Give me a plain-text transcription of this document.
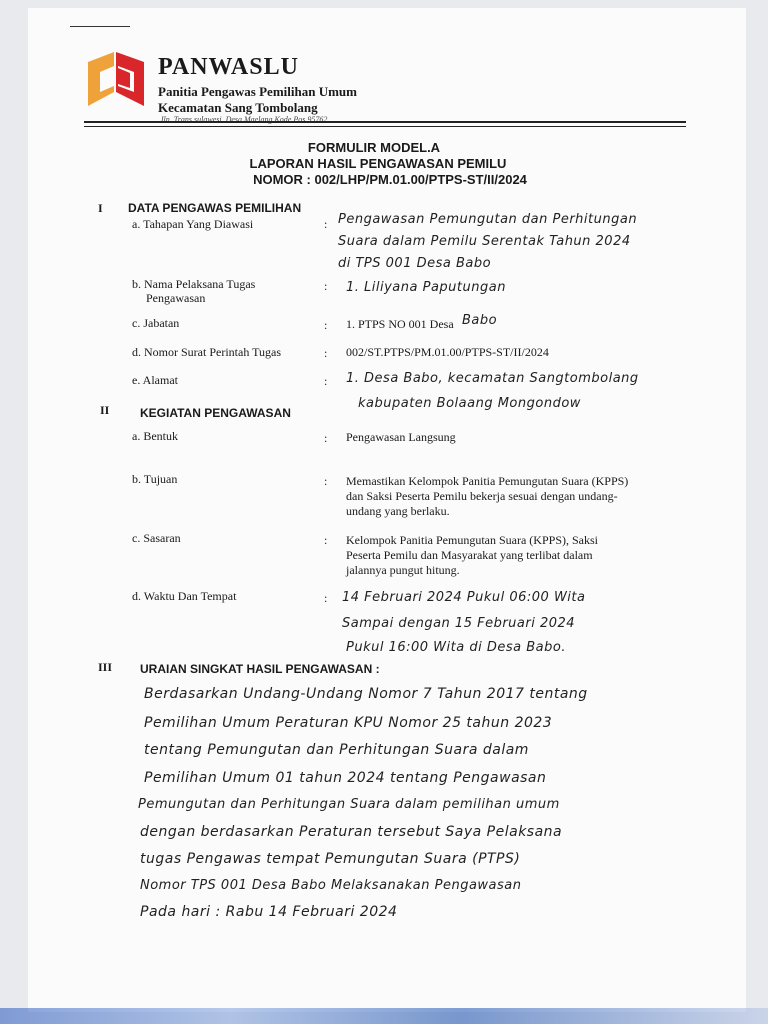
PANWASLU
Panitia Pengawas Pemilihan Umum
Kecamatan Sang Tombolang
Jln. Trans sulawesi, Desa Maelang Kode Pos 95762
FORMULIR MODEL.A
LAPORAN HASIL PENGAWASAN PEMILU
NOMOR : 002/LHP/PM.01.00/PTPS-ST/II/2024
I DATA PENGAWAS PEMILIHAN
a. Tahapan Yang Diawasi	: Pengawasan Pemungutan dan Perhitungan
Suara dalam Pemilu Serentak Tahun 2024
di TPS 001 Desa Babo
b. Nama Pelaksana Tugas
Pengawasan
: 1. Liliyana Paputungan
c. Jabatan	: 1. PTPS NO 001 Desa Babo
d. Nomor Surat Perintah Tugas	: 002/ST.PTPS/PM.01.00/PTPS-ST/II/2024
e. Alamat	: 1. Desa Babo, kecamatan Sangtombolang
kabupaten Bolaang Mongondow
II	KEGIATAN PENGAWASAN
a. Bentuk	: Pengawasan Langsung
b. Tujuan	: Memastikan Kelompok Panitia Pemungutan Suara (KPPS)
dan Saksi Peserta Pemilu bekerja sesuai dengan undang-
undang yang berlaku.
c. Sasaran	: Kelompok Panitia Pemungutan Suara (KPPS), Saksi
Peserta Pemilu dan Masyarakat yang terlibat dalam
jalannya pungut hitung.
d. Waktu Dan Tempat	: 14 Februari 2024 Pukul 06:00 Wita
Sampai dengan 15 Februari 2024
Pukul 16:00 Wita di Desa Babo.
III URAIAN SINGKAT HASIL PENGAWASAN :
Berdasarkan Undang-Undang Nomor 7 Tahun 2017 tentang
Pemilihan Umum Peraturan KPU Nomor 25 tahun 2023
tentang Pemungutan dan Perhitungan Suara dalam
Pemilihan Umum 01 tahun 2024 tentang Pengawasan
Pemungutan dan Perhitungan Suara dalam pemilihan umum
dengan berdasarkan Peraturan tersebut Saya Pelaksana
tugas Pengawas tempat Pemungutan Suara (PTPS)
Nomor TPS 001 Desa Babo Melaksanakan Pengawasan
Pada hari : Rabu 14 Februari 2024
